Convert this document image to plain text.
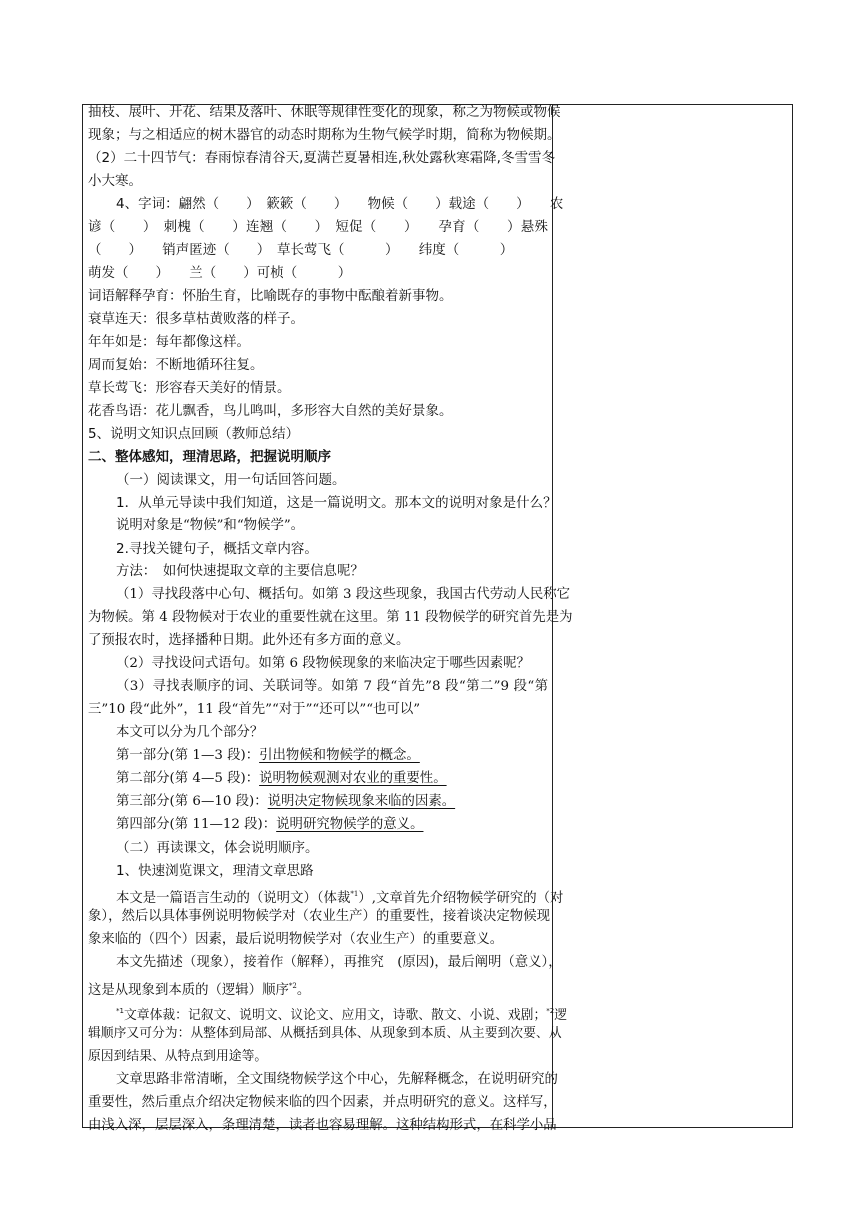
抽枝、展叶、开花、结果及落叶、休眠等规律性变化的现象，称之为物候或物候
现象；与之相适应的树木器官的动态时期称为生物气候学时期，简称为物候期。
（2）二十四节气：春雨惊春清谷天,夏满芒夏暑相连,秋处露秋寒霜降,冬雪雪冬
小大寒。
4、字词：翩然（　　）　簌簌（　　）　　物候（　　）载途（　　）　　农
谚（　　）　刺槐（　　）连翘（　　）　短促（　　）　　孕育（　　）悬殊
（　　）　　销声匿迹（　　）　草长莺飞（　　　）　　纬度（　　　）
萌发（　　）　　兰（　　）可桢（　　　）
词语解释孕育：怀胎生育，比喻既存的事物中酝酿着新事物。
衰草连天：很多草枯黄败落的样子。
年年如是：每年都像这样。
周而复始：不断地循环往复。
草长莺飞：形容春天美好的情景。
花香鸟语：花儿飘香，鸟儿鸣叫，多形容大自然的美好景象。
5、说明文知识点回顾（教师总结）
二、整体感知，理清思路，把握说明顺序
（一）阅读课文，用一句话回答问题。
1．从单元导读中我们知道，这是一篇说明文。那本文的说明对象是什么？
说明对象是“物候”和“物候学”。
2.寻找关键句子，概括文章内容。
方法：　如何快速提取文章的主要信息呢？
（1）寻找段落中心句、概括句。如第 3 段这些现象，我国古代劳动人民称它
为物候。第 4 段物候对于农业的重要性就在这里。第 11 段物候学的研究首先是为
了预报农时，选择播种日期。此外还有多方面的意义。
（2）寻找设问式语句。如第 6 段物候现象的来临决定于哪些因素呢？
（3）寻找表顺序的词、关联词等。如第 7 段“首先”8 段“第二”9 段“第
三”10 段“此外”，11 段“首先”“对于”“还可以”“也可以”
本文可以分为几个部分？
第一部分(第 1—3 段)：引出物候和物候学的概念。
第二部分(第 4—5 段)：说明物候观测对农业的重要性。
第三部分(第 6—10 段)：说明决定物候现象来临的因素。
第四部分(第 11—12 段)：说明研究物候学的意义。
（二）再读课文，体会说明顺序。
1、快速浏览课文，理清文章思路
本文是一篇语言生动的（说明文）（体裁$^{*1}$）,文章首先介绍物候学研究的（对
象），然后以具体事例说明物候学对（农业生产）的重要性，接着谈决定物候现
象来临的（四个）因素，最后说明物候学对（农业生产）的重要意义。
本文先描述（现象），接着作（解释），再推究　(原因)，最后阐明（意义），
这是从现象到本质的（逻辑）顺序$^{*2}$。
$^{*1}$文章体裁：记叙文、说明文、议论文、应用文，诗歌、散文、小说、戏剧；$^{*2}$逻
辑顺序又可分为：从整体到局部、从概括到具体、从现象到本质、从主要到次要、从
原因到结果、从特点到用途等。
文章思路非常清晰，全文围绕物候学这个中心，先解释概念，在说明研究的
重要性，然后重点介绍决定物候来临的四个因素，并点明研究的意义。这样写，
由浅入深，层层深入，条理清楚，读者也容易理解。这种结构形式，在科学小品
